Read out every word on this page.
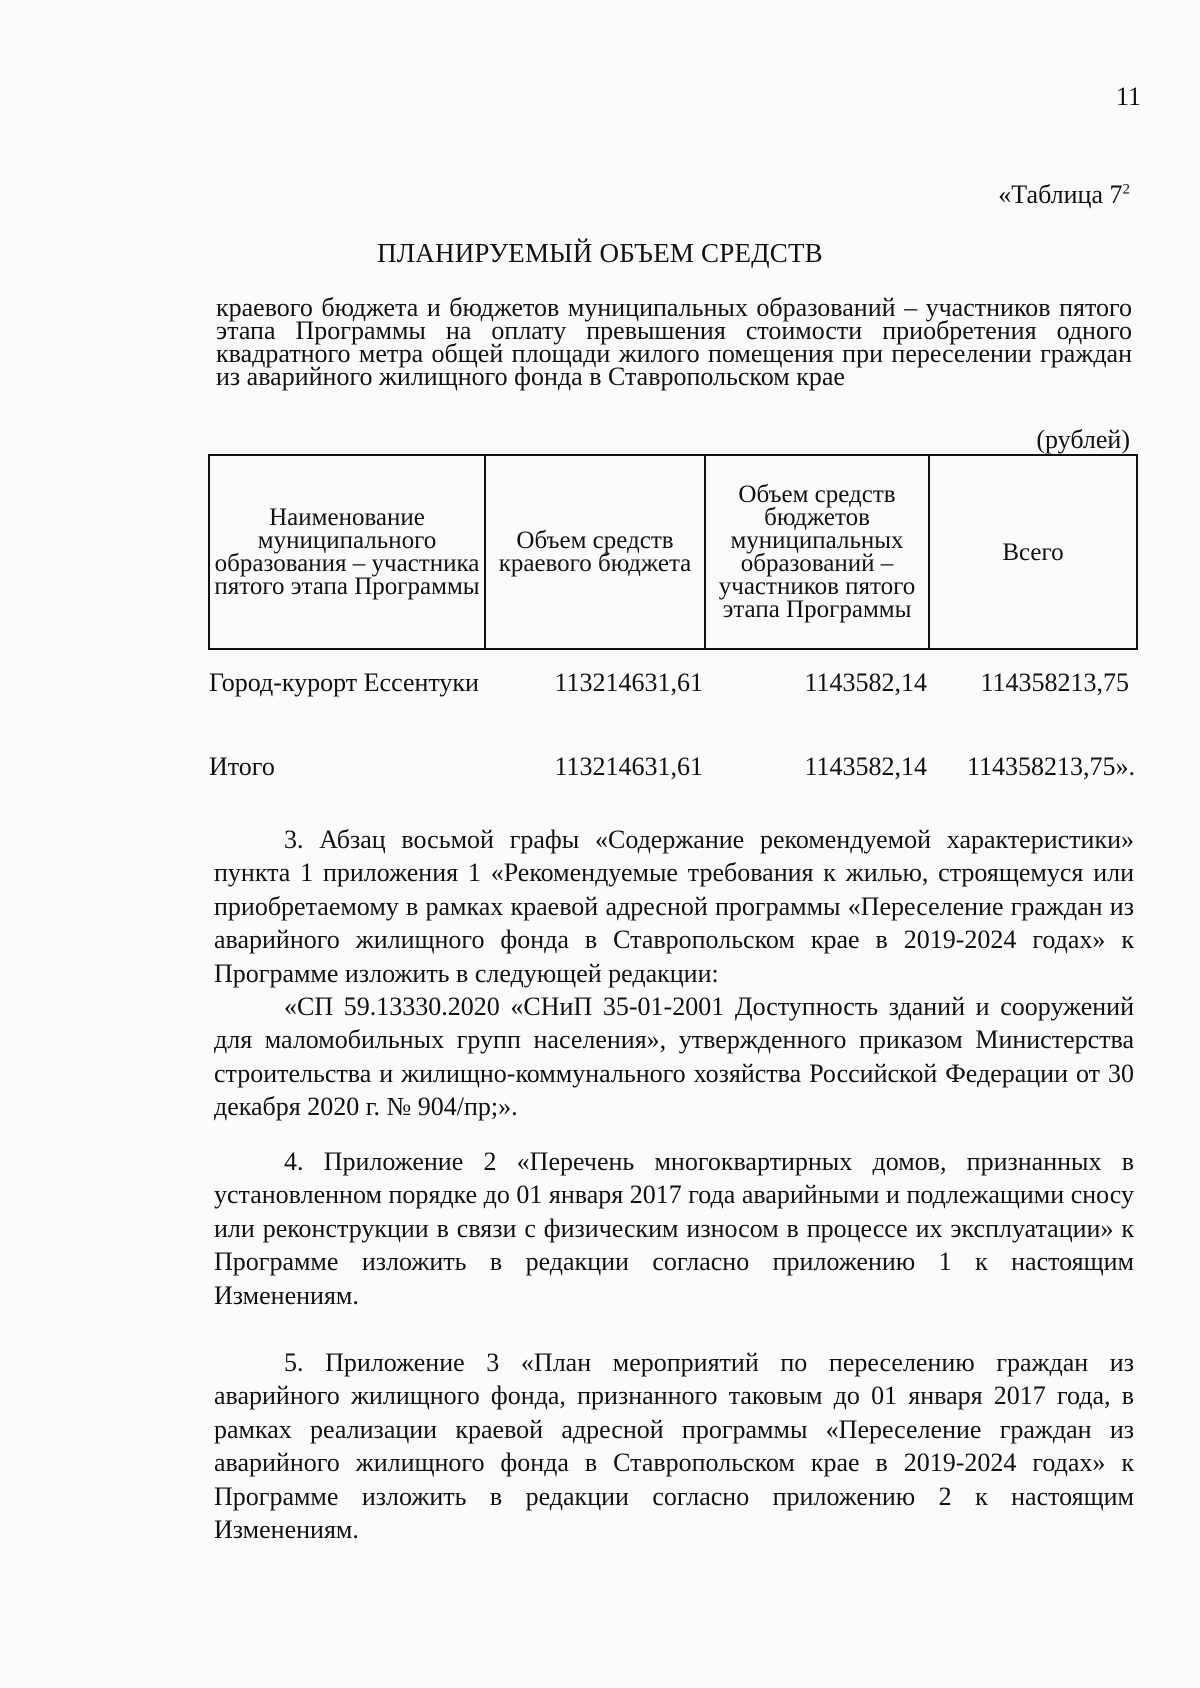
11
«Таблица $7^2$
ПЛАНИРУЕМЫЙ ОБЪЕМ СРЕДСТВ
краевого бюджета и бюджетов муниципальных образований – участников пятого этапа Программы на оплату превышения стоимости приобретения одного квадратного метра общей площади жилого помещения при переселении граждан из аварийного жилищного фонда в Ставропольском крае
(рублей)
Наименование муниципального образования – участника пятого этапа Программы	Объем средств краевого бюджета	Объем средств бюджетов муниципальных образований – участников пятого этапа Программы	Всего
Город-курорт Ессентуки	113214631,61	1143582,14	114358213,75
Итого	113214631,61	1143582,14	114358213,75».
3. Абзац восьмой графы «Содержание рекомендуемой характеристики» пункта 1 приложения 1 «Рекомендуемые требования к жилью, строящемуся или приобретаемому в рамках краевой адресной программы «Переселение граждан из аварийного жилищного фонда в Ставропольском крае в 2019-2024 годах» к Программе изложить в следующей редакции:
«СП 59.13330.2020 «СНиП 35-01-2001 Доступность зданий и сооружений для маломобильных групп населения», утвержденного приказом Министерства строительства и жилищно-коммунального хозяйства Российской Федерации от 30 декабря 2020 г. № 904/пр;».
4. Приложение 2 «Перечень многоквартирных домов, признанных в установленном порядке до 01 января 2017 года аварийными и подлежащими сносу или реконструкции в связи с физическим износом в процессе их эксплуатации» к Программе изложить в редакции согласно приложению 1 к настоящим Изменениям.
5. Приложение 3 «План мероприятий по переселению граждан из аварийного жилищного фонда, признанного таковым до 01 января 2017 года, в рамках реализации краевой адресной программы «Переселение граждан из аварийного жилищного фонда в Ставропольском крае в 2019-2024 годах» к Программе изложить в редакции согласно приложению 2 к настоящим Изменениям.
